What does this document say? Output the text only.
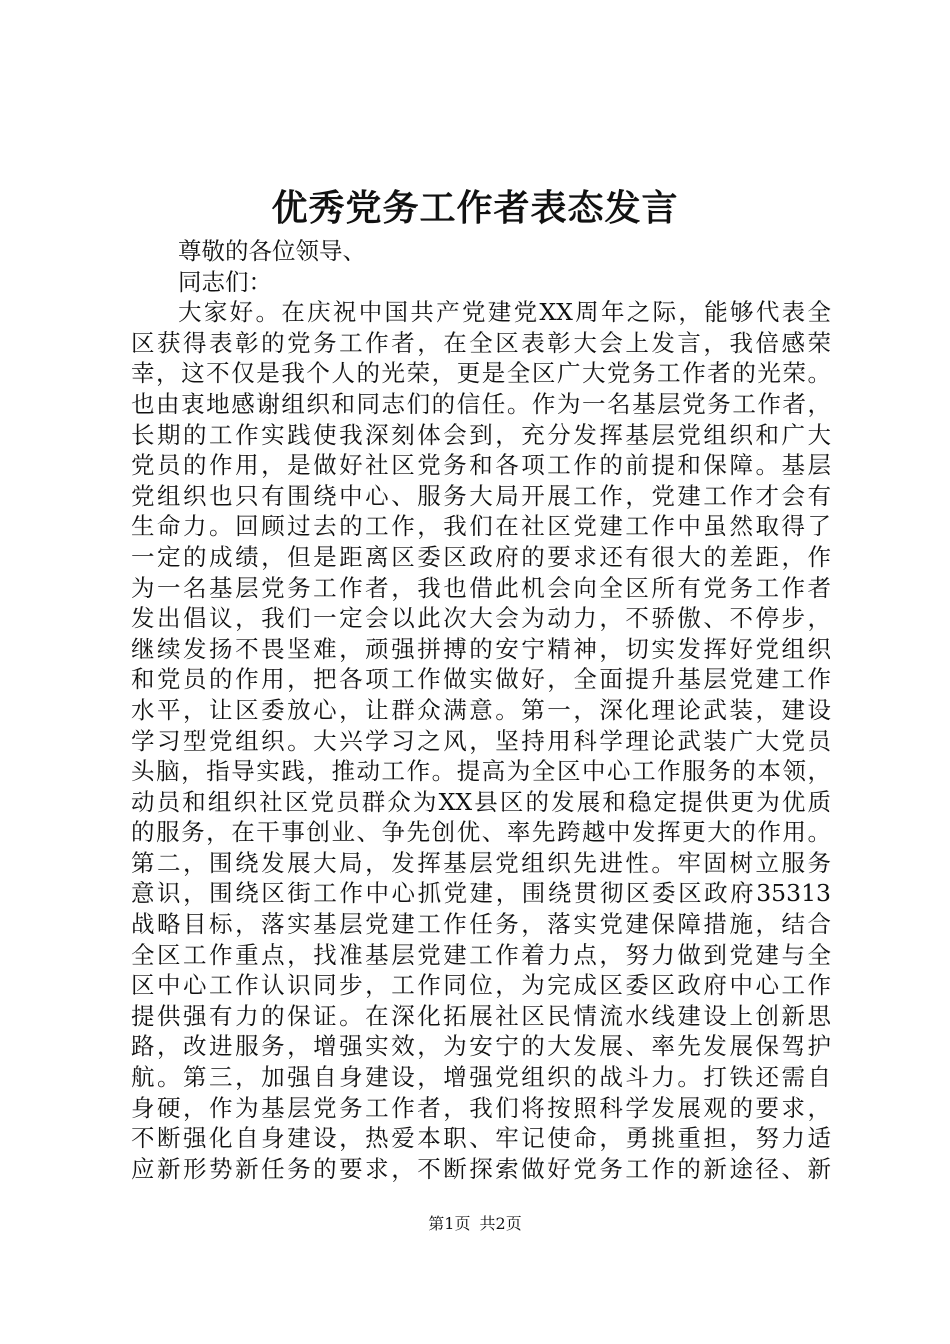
优秀党务工作者表态发言
尊敬的各位领导、
同志们：
大家好。在庆祝中国共产党建党XX周年之际，能够代表全
区获得表彰的党务工作者，在全区表彰大会上发言，我倍感荣
幸，这不仅是我个人的光荣，更是全区广大党务工作者的光荣。
也由衷地感谢组织和同志们的信任。作为一名基层党务工作者，
长期的工作实践使我深刻体会到，充分发挥基层党组织和广大
党员的作用，是做好社区党务和各项工作的前提和保障。基层
党组织也只有围绕中心、服务大局开展工作，党建工作才会有
生命力。回顾过去的工作，我们在社区党建工作中虽然取得了
一定的成绩，但是距离区委区政府的要求还有很大的差距，作
为一名基层党务工作者，我也借此机会向全区所有党务工作者
发出倡议，我们一定会以此次大会为动力，不骄傲、不停步，
继续发扬不畏坚难，顽强拼搏的安宁精神，切实发挥好党组织
和党员的作用，把各项工作做实做好，全面提升基层党建工作
水平，让区委放心，让群众满意。第一，深化理论武装，建设
学习型党组织。大兴学习之风，坚持用科学理论武装广大党员
头脑，指导实践，推动工作。提高为全区中心工作服务的本领，
动员和组织社区党员群众为XX县区的发展和稳定提供更为优质
的服务，在干事创业、争先创优、率先跨越中发挥更大的作用。
第二，围绕发展大局，发挥基层党组织先进性。牢固树立服务
意识，围绕区街工作中心抓党建，围绕贯彻区委区政府35313
战略目标，落实基层党建工作任务，落实党建保障措施，结合
全区工作重点，找准基层党建工作着力点，努力做到党建与全
区中心工作认识同步，工作同位，为完成区委区政府中心工作
提供强有力的保证。在深化拓展社区民情流水线建设上创新思
路，改进服务，增强实效，为安宁的大发展、率先发展保驾护
航。第三，加强自身建设，增强党组织的战斗力。打铁还需自
身硬，作为基层党务工作者，我们将按照科学发展观的要求，
不断强化自身建设，热爱本职、牢记使命，勇挑重担，努力适
应新形势新任务的要求，不断探索做好党务工作的新途径、新
第1页 共2页
